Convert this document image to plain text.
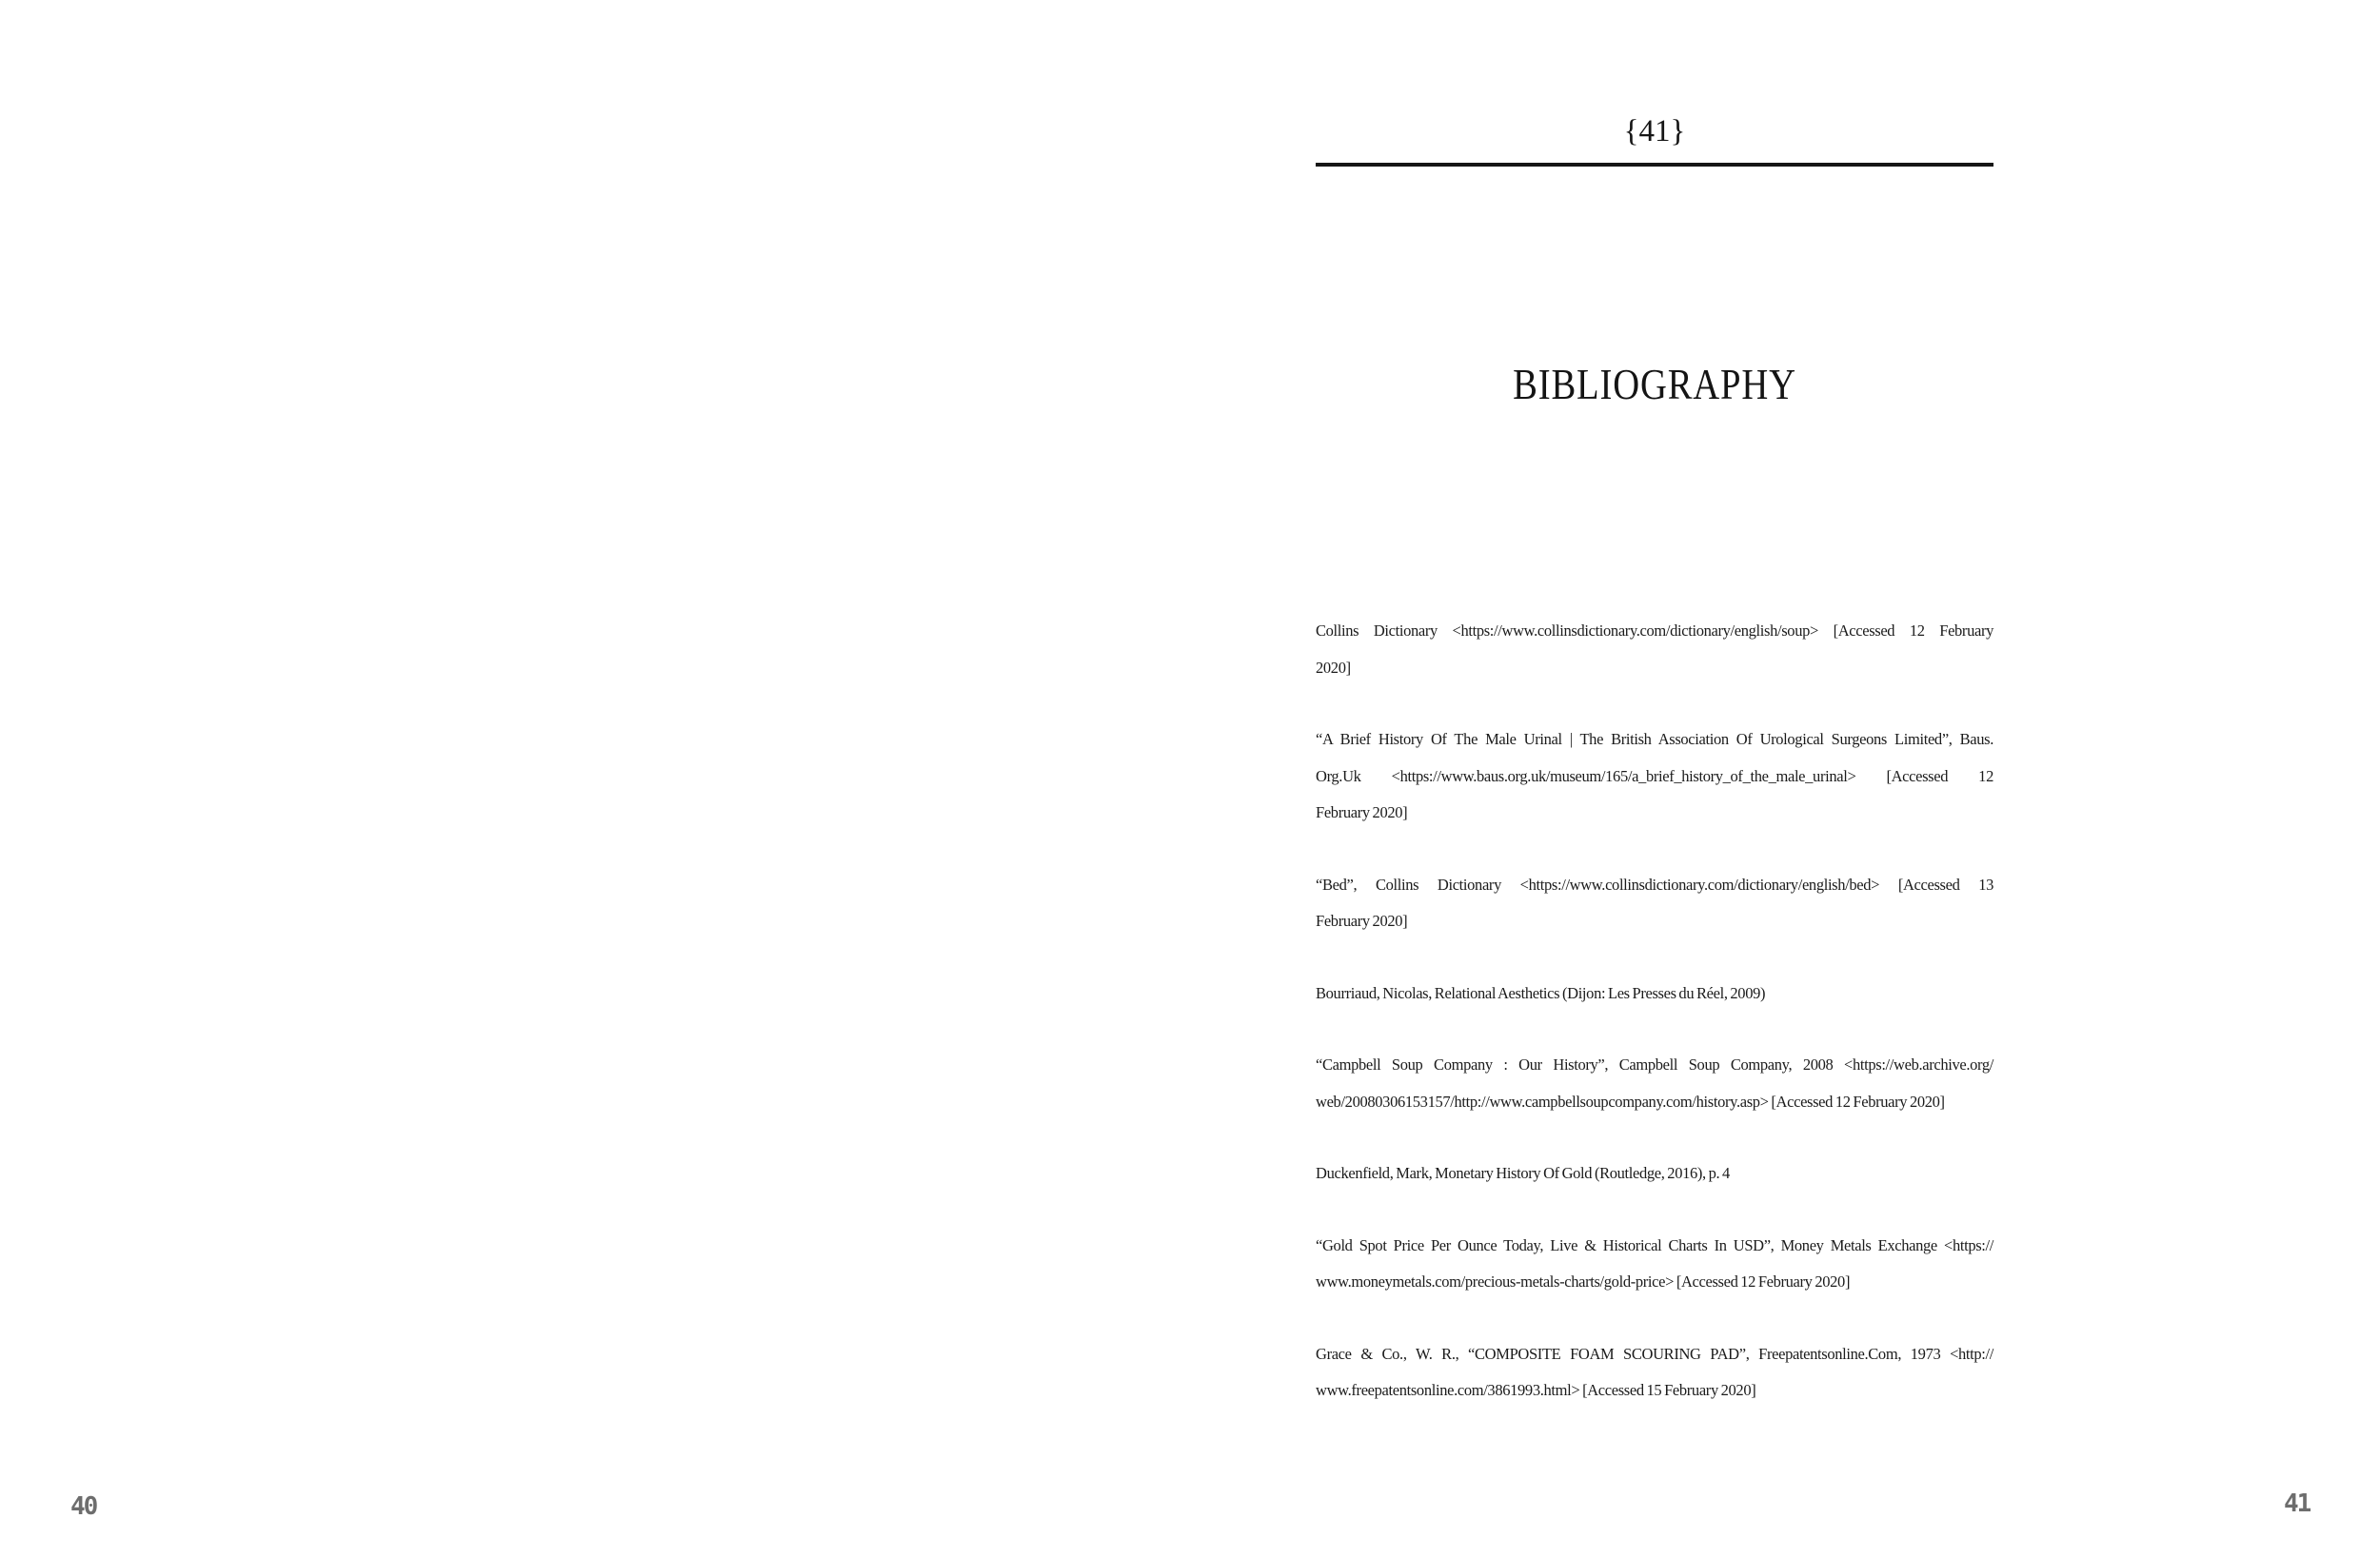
40
{41}
BIBLIOGRAPHY
Collins Dictionary <https://www.collinsdictionary.com/dictionary/english/soup> [Accessed 12 February
2020]
“A Brief History Of The Male Urinal | The British Association Of Urological Surgeons Limited”, Baus.
Org.Uk <https://www.baus.org.uk/museum/165/a_brief_history_of_the_male_urinal> [Accessed 12
February 2020]
“Bed”, Collins Dictionary <https://www.collinsdictionary.com/dictionary/english/bed> [Accessed 13
February 2020]
Bourriaud, Nicolas, Relational Aesthetics (Dijon: Les Presses du Réel, 2009)
“Campbell Soup Company : Our History”, Campbell Soup Company, 2008 <https://web.archive.org/
web/20080306153157/http://www.campbellsoupcompany.com/history.asp> [Accessed 12 February 2020]
Duckenfield, Mark, Monetary History Of Gold (Routledge, 2016), p. 4
“Gold Spot Price Per Ounce Today, Live & Historical Charts In USD”, Money Metals Exchange <https://
www.moneymetals.com/precious-metals-charts/gold-price> [Accessed 12 February 2020]
Grace & Co., W. R., “COMPOSITE FOAM SCOURING PAD”, Freepatentsonline.Com, 1973 <http://
www.freepatentsonline.com/3861993.html> [Accessed 15 February 2020]
41
